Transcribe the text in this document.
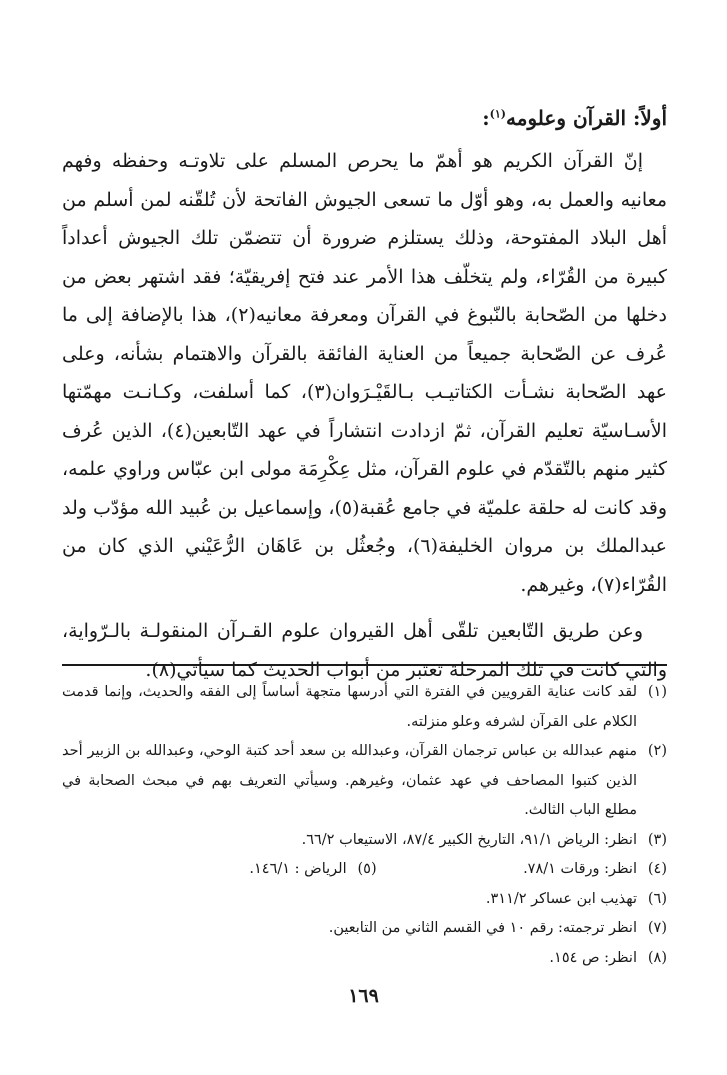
أولاً: القرآن وعلومه$^{(١)}$:

إنّ القرآن الكريم هو أهمّ ما يحرص المسلم على تلاوتـه وحفظه وفهم معانيه والعمل به، وهو أوّل ما تسعى الجيوش الفاتحة لأن تُلقّنه لمن أسلم من أهل البلاد المفتوحة، وذلك يستلزم ضرورة أن تتضمّن تلك الجيوش أعداداً كبيرة من القُرّاء، ولم يتخلّف هذا الأمر عند فتح إفريقيّة؛ فقد اشتهر بعض من دخلها من الصّحابة بالنّبوغ في القرآن ومعرفة معانيه(٢)، هذا بالإضافة إلى ما عُرف عن الصّحابة جميعاً من العناية الفائقة بالقرآن والاهتمام بشأنه، وعلى عهد الصّحابة نشـأت الكتاتيـب بـالقَيْـرَوان(٣)، كما أسلفت، وكـانـت مهمّتها الأسـاسيّة تعليم القرآن، ثمّ ازدادت انتشاراً في عهد التّابعين(٤)، الذين عُرف كثير منهم بالتّقدّم في علوم القرآن، مثل عِكْرِمَة مولى ابن عبّاس وراوي علمه، وقد كانت له حلقة علميّة في جامع عُقبة(٥)، وإسماعيل بن عُبيد الله مؤدّب ولد عبدالملك بن مروان الخليفة(٦)، وجُعثُل بن عَاهَان الرُّعَيْني الذي كان من القُرّاء(٧)، وغيرهم.

وعن طريق التّابعين تلقّى أهل القيروان علوم القـرآن المنقولـة بالـرّواية، والتي كانت في تلك المرحلة تعتبر من أبواب الحديث كما سيأتي(٨).

(١)
لقد كانت عناية القرويين في الفترة التي أدرسها متجهة أساساً إلى الفقه والحديث، وإنما قدمت الكلام على القرآن لشرفه وعلو منزلته.
(٢)
منهم عبدالله بن عباس ترجمان القرآن، وعبدالله بن سعد أحد كتبة الوحي، وعبدالله بن الزبير أحد الذين كتبوا المصاحف في عهد عثمان، وغيرهم. وسيأتي التعريف بهم في مبحث الصحابة في مطلع الباب الثالث.
(٣)
انظر: الرياض ٩١/١، التاريخ الكبير ٨٧/٤، الاستيعاب ٦٦/٢.
(٤)
انظر: ورقات ٧٨/١.
(٥)
الرياض : ١٤٦/١.
(٦)
تهذيب ابن عساكر ٣١١/٢.
(٧)
انظر ترجمته: رقم ١٠ في القسم الثاني من التابعين.
(٨)
انظر: ص ١٥٤.
١٦٩
